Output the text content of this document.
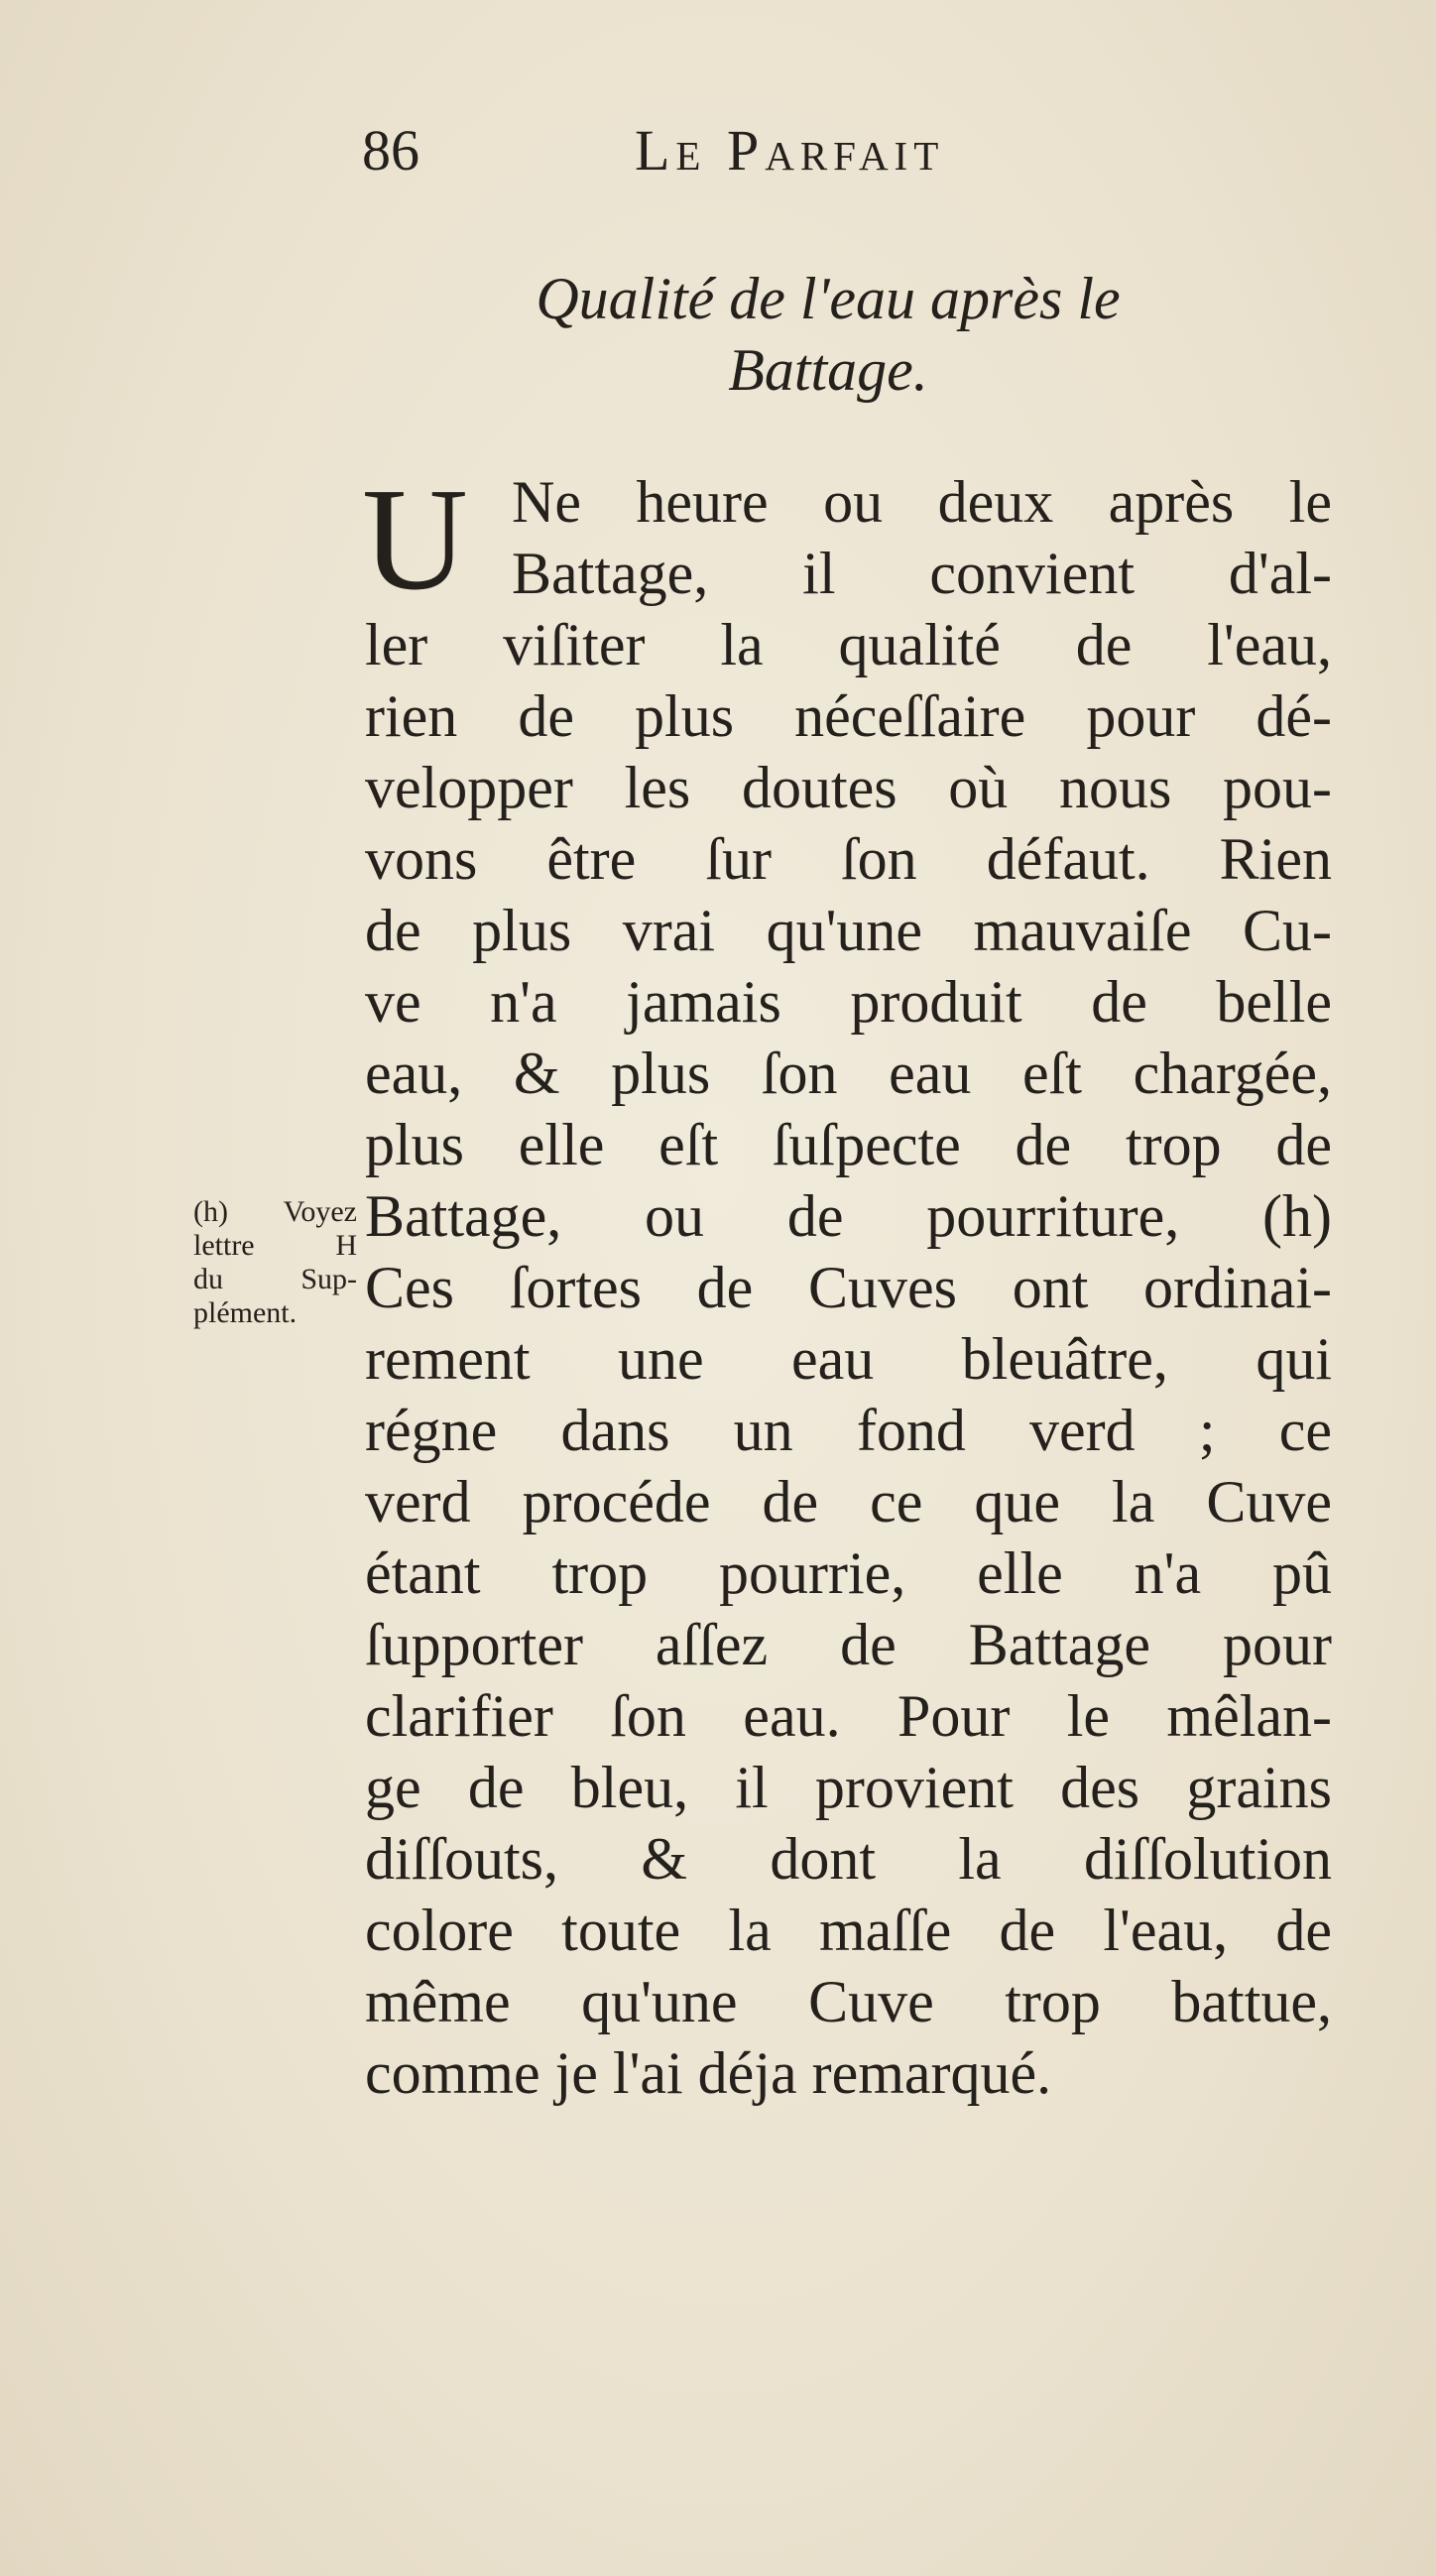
86	Le Parfait
Qualité de l'eau après le
Battage.
U Ne heure ou deux après le
Battage, il convient d'al-
ler viſiter la qualité de l'eau,
rien de plus néceſſaire pour dé-
velopper les doutes où nous pou-
vons être ſur ſon défaut. Rien
de plus vrai qu'une mauvaiſe Cu-
ve n'a jamais produit de belle
eau, & plus ſon eau eſt chargée,
plus elle eſt ſuſpecte de trop de
Battage, ou de pourriture, (h)
Ces ſortes de Cuves ont ordinai-
rement une eau bleuâtre, qui
régne dans un fond verd ; ce
verd procéde de ce que la Cuve
étant trop pourrie, elle n'a pû
ſupporter aſſez de Battage pour
clarifier ſon eau. Pour le mêlan-
ge de bleu, il provient des grains
diſſouts, & dont la diſſolution
colore toute la maſſe de l'eau, de
même qu'une Cuve trop battue,
comme je l'ai déja remarqué.
(h) Voyez
lettre H
du Sup-
plément.
